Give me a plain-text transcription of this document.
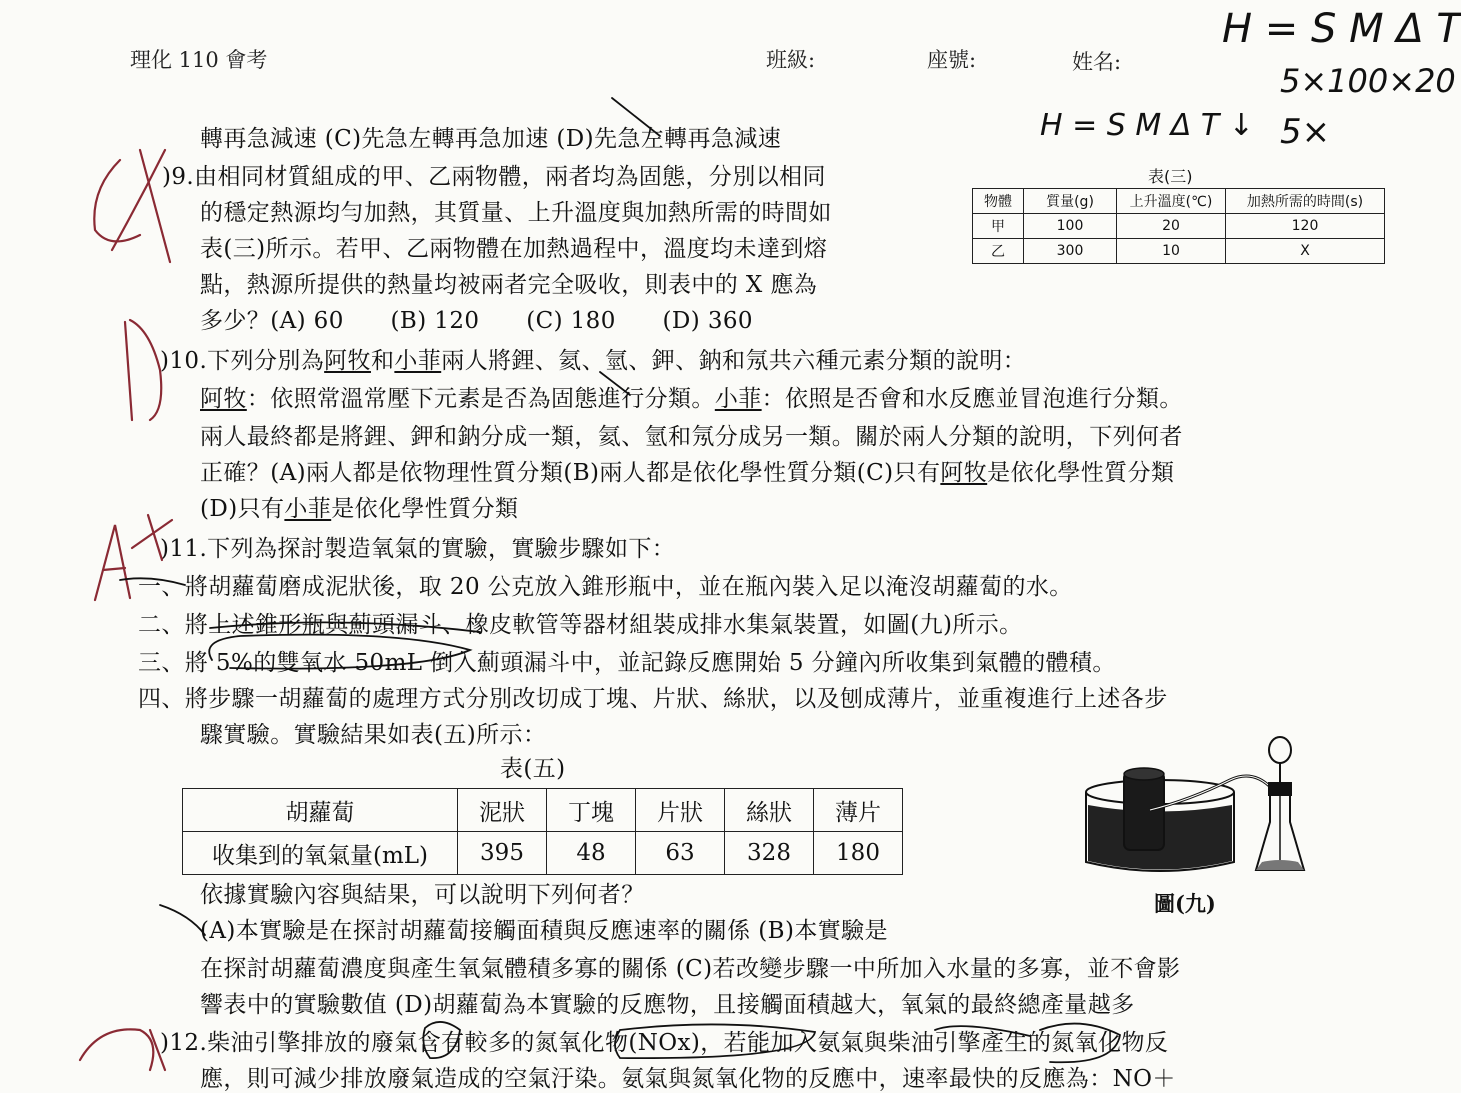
理化 110 會考	班級:	座號:	姓名:
H = S M Δ T
5×100×20
5×
H = S M Δ T ↓
轉再急減速 (C)先急左轉再急加速 (D)先急左轉再急減速
)9.由相同材質組成的甲、乙兩物體，兩者均為固態，分別以相同
的穩定熱源均勻加熱，其質量、上升溫度與加熱所需的時間如
表(三)所示。若甲、乙兩物體在加熱過程中，溫度均未達到熔
點，熱源所提供的熱量均被兩者完全吸收，則表中的 X 應為
多少？(A) 60　　(B) 120　　(C) 180　　(D) 360
表(三)
物體	質量(g)	上升溫度(℃)	加熱所需的時間(s)
甲	100	20	120
乙	300	10	X
)10.下列分別為阿牧和小菲兩人將鋰、氦、氫、鉀、鈉和氖共六種元素分類的說明：
阿牧：依照常溫常壓下元素是否為固態進行分類。小菲：依照是否會和水反應並冒泡進行分類。
兩人最終都是將鋰、鉀和鈉分成一類，氦、氫和氖分成另一類。關於兩人分類的說明，下列何者
正確？(A)兩人都是依物理性質分類(B)兩人都是依化學性質分類(C)只有阿牧是依化學性質分類
(D)只有小菲是依化學性質分類
)11.下列為探討製造氧氣的實驗，實驗步驟如下：
一、將胡蘿蔔磨成泥狀後，取 20 公克放入錐形瓶中，並在瓶內裝入足以淹沒胡蘿蔔的水。
二、將上述錐形瓶與薊頭漏斗、橡皮軟管等器材組裝成排水集氣裝置，如圖(九)所示。
三、將 5%的雙氧水 50mL 倒入薊頭漏斗中，並記錄反應開始 5 分鐘內所收集到氣體的體積。
四、將步驟一胡蘿蔔的處理方式分別改切成丁塊、片狀、絲狀，以及刨成薄片，並重複進行上述各步
驟實驗。實驗結果如表(五)所示：
表(五)
胡蘿蔔	泥狀	丁塊	片狀	絲狀	薄片
收集到的氧氣量(mL)	395	48	63	328	180
圖(九)
依據實驗內容與結果，可以說明下列何者？
(A)本實驗是在探討胡蘿蔔接觸面積與反應速率的關係 (B)本實驗是
在探討胡蘿蔔濃度與產生氧氣體積多寡的關係 (C)若改變步驟一中所加入水量的多寡，並不會影
響表中的實驗數值 (D)胡蘿蔔為本實驗的反應物，且接觸面積越大，氧氣的最終總產量越多
)12.柴油引擎排放的廢氣含有較多的氮氧化物(NOx)，若能加入氨氣與柴油引擎產生的氮氧化物反
應，則可減少排放廢氣造成的空氣汙染。氨氣與氮氧化物的反應中，速率最快的反應為：NO＋
